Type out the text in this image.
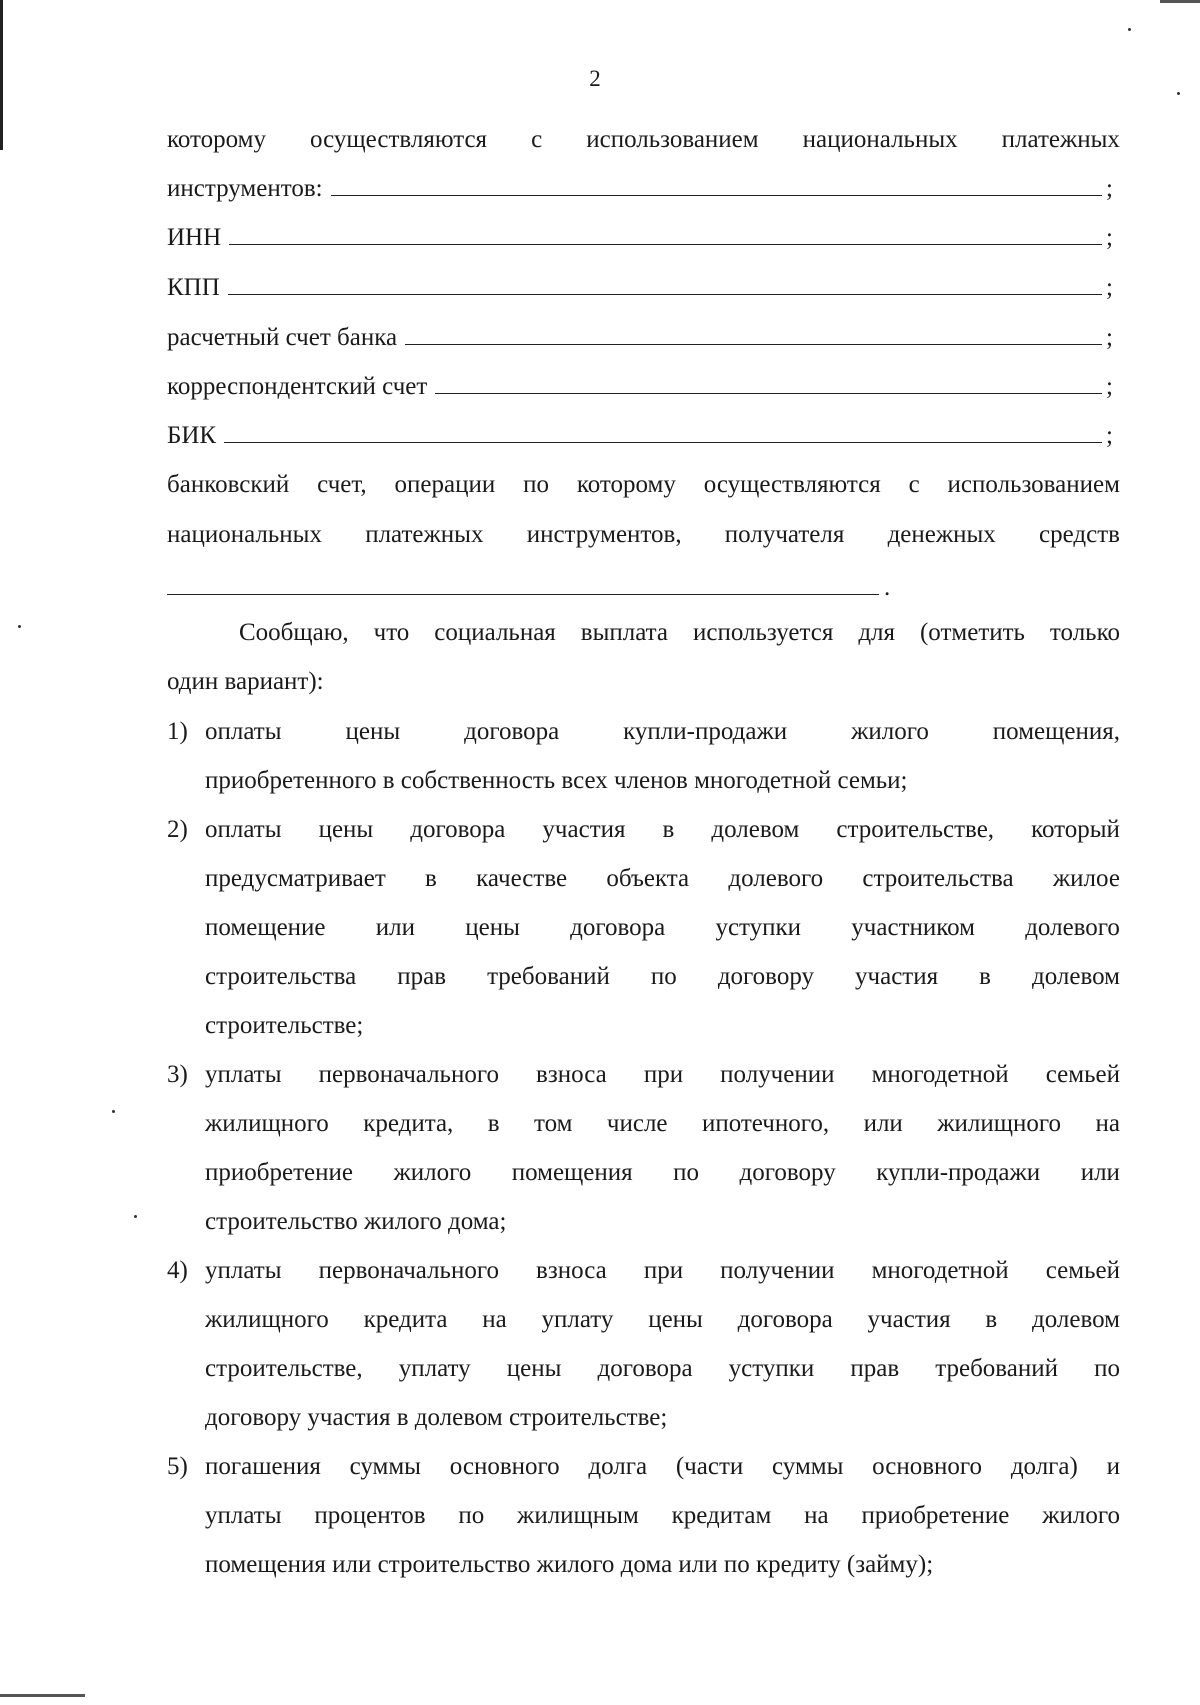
2
которому осуществляются с использованием национальных платежных
инструментов:	;
ИНН	;
КПП	;
расчетный счет банка	;
корреспондентский счет	;
БИК	;
банковский счет, операции по которому осуществляются с использованием
национальных платежных инструментов, получателя денежных средств
.
Сообщаю, что социальная выплата используется для (отметить только
один вариант):
1) оплаты	цены	договора	купли-продажи	жилого	помещения,
приобретенного в собственность всех членов многодетной семьи;
2) оплаты цены договора участия в долевом строительстве, который
предусматривает в качестве объекта долевого строительства жилое
помещение или цены договора уступки участником долевого
строительства прав требований по договору участия в долевом
строительстве;
3) уплаты первоначального взноса при получении многодетной семьей
жилищного кредита, в том числе ипотечного, или жилищного на
приобретение жилого помещения по договору купли-продажи или
строительство жилого дома;
4) уплаты первоначального взноса при получении многодетной семьей
жилищного кредита на уплату цены договора участия в долевом
строительстве, уплату цены договора уступки прав требований по
договору участия в долевом строительстве;
5) погашения суммы основного долга (части суммы основного долга) и
уплаты процентов по жилищным кредитам на приобретение жилого
помещения или строительство жилого дома или по кредиту (займу);
